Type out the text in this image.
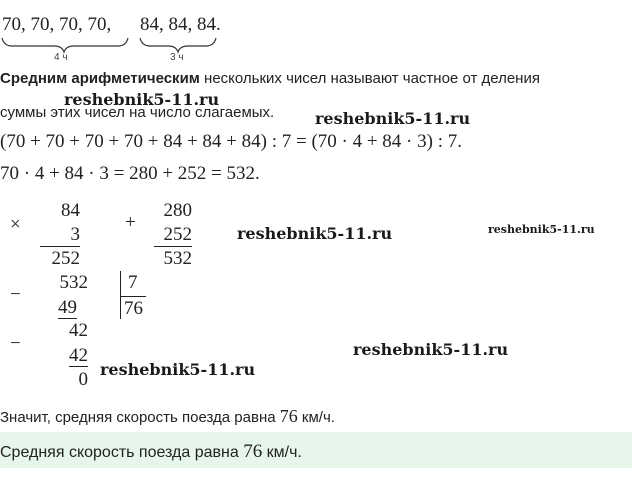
70, 70, 70, 70, 84, 84, 84.
4 ч	3 ч
Средним арифметическим нескольких чисел называют частное от деления
суммы этих чисел на число слагаемых.
(70 + 70 + 70 + 70 + 84 + 84 + 84) : 7 = (70 · 4 + 84 · 3) : 7.
70 · 4 + 84 · 3 = 280 + 252 = 532.
×
84
3
252
+
280
252
532
−
532
49
7
76
−
42
42
0
reshebnik5-11.ru
reshebnik5-11.ru
reshebnik5-11.ru	reshebnik5-11.ru
reshebnik5-11.ru
reshebnik5-11.ru
Значит, средняя скорость поезда равна 76 км/ч.
Средняя скорость поезда равна 76 км/ч.
